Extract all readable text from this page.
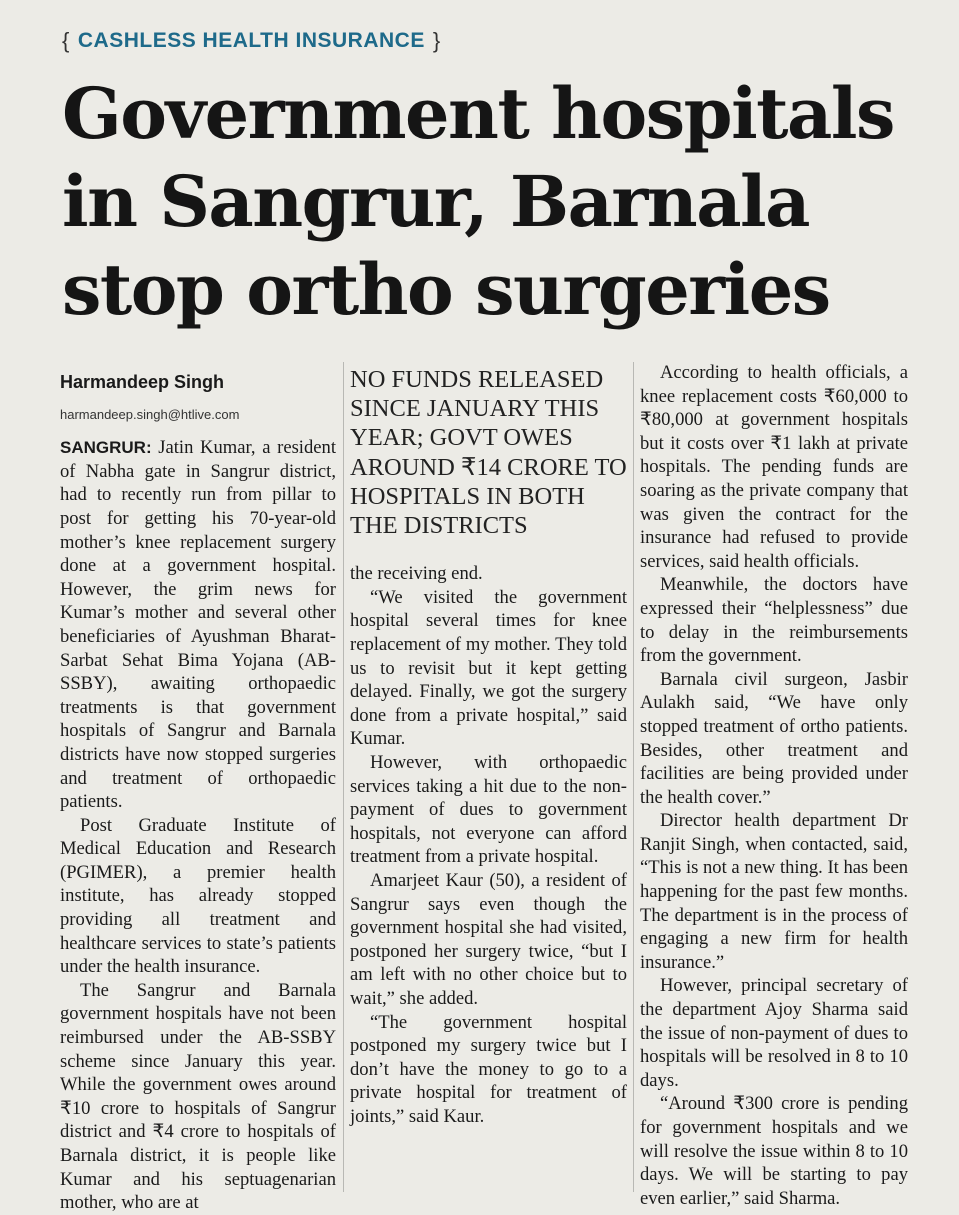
{ CASHLESS HEALTH INSURANCE }
Government hospitals
in Sangrur, Barnala
stop ortho surgeries
Harmandeep Singh
harmandeep.singh@htlive.com

SANGRUR: Jatin Kumar, a resident of Nabha gate in Sangrur district, had to recently run from pillar to post for getting his 70-year-old mother’s knee replacement surgery done at a government hospital. However, the grim news for Kumar’s mother and several other beneficiaries of Ayushman Bharat-Sarbat Sehat Bima Yojana (AB-SSBY), awaiting orthopaedic treatments is that government hospitals of Sangrur and Barnala districts have now stopped surgeries and treatment of orthopaedic patients.

Post Graduate Institute of Medical Education and Research (PGIMER), a premier health institute, has already stopped providing all treatment and healthcare services to state’s patients under the health insurance.

The Sangrur and Barnala government hospitals have not been reimbursed under the AB-SSBY scheme since January this year. While the government owes around ₹10 crore to hospitals of Sangrur district and ₹4 crore to hospitals of Barnala district, it is people like Kumar and his septuagenarian mother, who are at

NO FUNDS RELEASED SINCE JANUARY THIS YEAR; GOVT OWES AROUND ₹14 CRORE TO HOSPITALS IN BOTH THE DISTRICTS

the receiving end.

“We visited the government hospital several times for knee replacement of my mother. They told us to revisit but it kept getting delayed. Finally, we got the surgery done from a private hospital,” said Kumar.

However, with orthopaedic services taking a hit due to the non-payment of dues to government hospitals, not everyone can afford treatment from a private hospital.

Amarjeet Kaur (50), a resident of Sangrur says even though the government hospital she had visited, postponed her surgery twice, “but I am left with no other choice but to wait,” she added.

“The government hospital postponed my surgery twice but I don’t have the money to go to a private hospital for treatment of joints,” said Kaur.

According to health officials, a knee replacement costs ₹60,000 to ₹80,000 at government hospitals but it costs over ₹1 lakh at private hospitals. The pending funds are soaring as the private company that was given the contract for the insurance had refused to provide services, said health officials.

Meanwhile, the doctors have expressed their “helplessness” due to delay in the reimbursements from the government.

Barnala civil surgeon, Jasbir Aulakh said, “We have only stopped treatment of ortho patients. Besides, other treatment and facilities are being provided under the health cover.”

Director health department Dr Ranjit Singh, when contacted, said, “This is not a new thing. It has been happening for the past few months. The department is in the process of engaging a new firm for health insurance.”

However, principal secretary of the department Ajoy Sharma said the issue of non-payment of dues to hospitals will be resolved in 8 to 10 days.

“Around ₹300 crore is pending for government hospitals and we will resolve the issue within 8 to 10 days. We will be starting to pay even earlier,” said Sharma.
